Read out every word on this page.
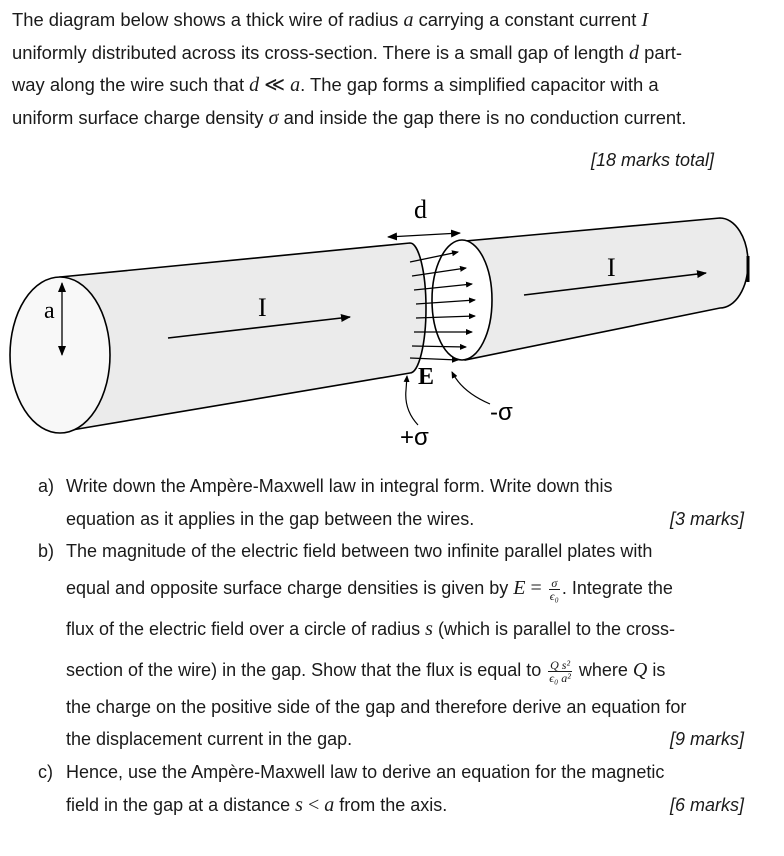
The diagram below shows a thick wire of radius a carrying a constant current I
uniformly distributed across its cross-section. There is a small gap of length d part-
way along the wire such that d ≪ a. The gap forms a simplified capacitor with a
uniform surface charge density σ and inside the gap there is no conduction current.
[18 marks total]
d
a	I
I
E
+σ
-σ
a) Write down the Ampère-Maxwell law in integral form. Write down this
equation as it applies in the gap between the wires.	[3 marks]
b) The magnitude of the electric field between two infinite parallel plates with
equal and opposite surface charge densities is given by $E = \frac{\sigma}{\text{ϵ₀}}$ . Integrate the
flux of the electric field over a circle of radius s (which is parallel to the cross-
section of the wire) in the gap. Show that the flux is equal to $\frac{\text{Q s²}}{\text{ϵ₀ a²}}$ where Q is
the charge on the positive side of the gap and therefore derive an equation for
the displacement current in the gap.	[9 marks]
c) Hence, use the Ampère-Maxwell law to derive an equation for the magnetic
field in the gap at a distance s < a from the axis.	[6 marks]
